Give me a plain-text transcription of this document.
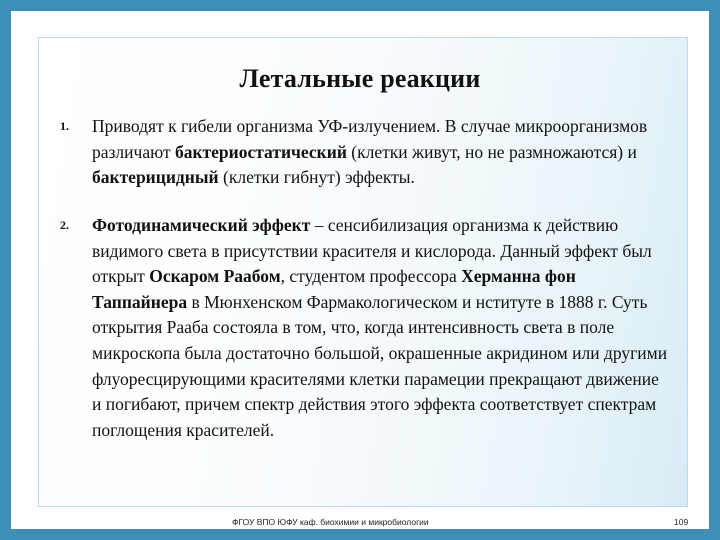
Летальные реакции
1. Приводят к гибели организма УФ-излучением. В случае микроорганизмов различают бактериостатический (клетки живут, но не размножаются) и бактерицидный (клетки гибнут) эффекты.
2. Фотодинамический эффект – сенсибилизация организма к действию видимого света в присутствии красителя и кислорода. Данный эффект был открыт Оскаром Раабом, студентом профессора Херманна фон Таппайнера в Мюнхенском Фармакологическом и нституте в 1888 г. Суть открытия Рааба состояла в том, что, когда интенсивность света в поле микроскопа была достаточно большой, окрашенные акридином или другими флуоресцирующими красителями клетки парамеции прекращают движение и погибают, причем спектр действия этого эффекта соответствует спектрам поглощения красителей.
ФГОУ ВПО ЮФУ каф. биохимии и микробиологии	109
